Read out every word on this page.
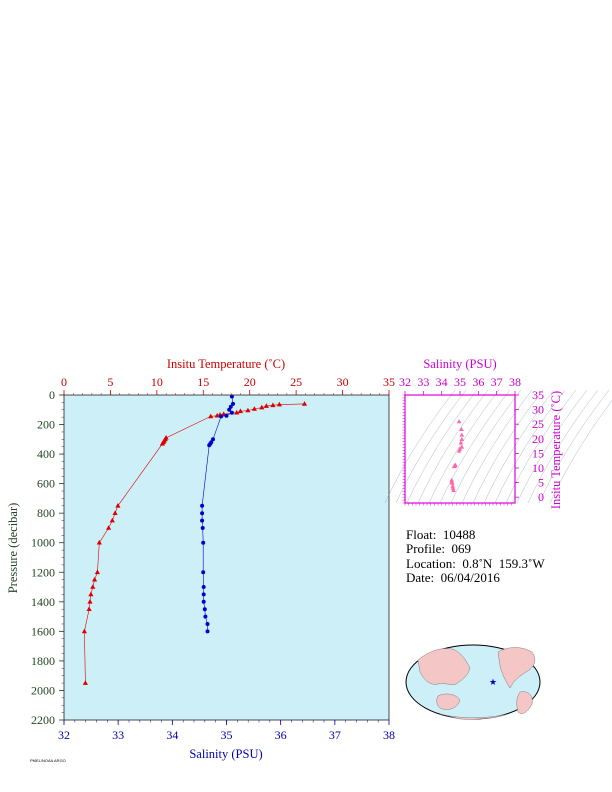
0	5	10	15	20	25	30	35
32	33	34	35	36	37	38
0
200
400
600
800
1000
1200
1400
1600
1800
2000
2200
Insitu Temperature (˚C)
Salinity (PSU)
Pressure (decibar)
32 33 34 35 36 37 38
0
5
10
15
20
25
30
35
Salinity (PSU)
Insitu Temperature (˚C)
★
Float:  10488
Profile:  069
Location:  0.8˚N  159.3˚W
Date:  06/04/2016
PMEL/NOAA ARGO
